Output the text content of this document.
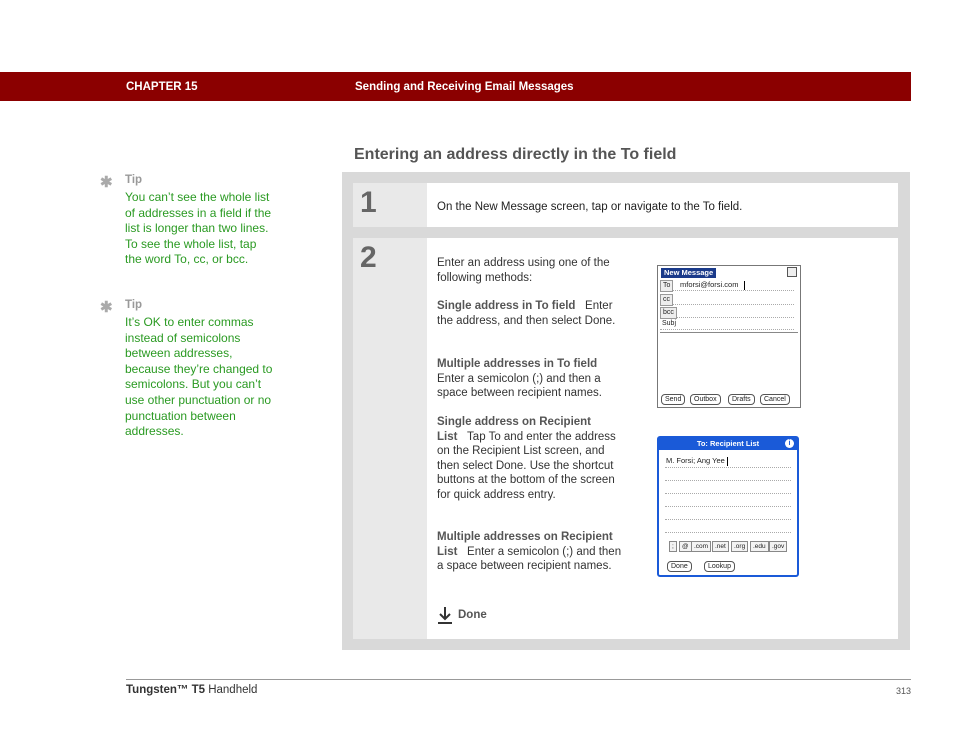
CHAPTER 15	Sending and Receiving Email Messages
Entering an address directly in the To field
✱ Tip
You can’t see the whole list of addresses in a field if the list is longer than two lines. To see the whole list, tap the word To, cc, or bcc.
✱ Tip
It’s OK to enter commas instead of semicolons between addresses, because they’re changed to semicolons. But you can’t use other punctuation or no punctuation between addresses.
1	On the New Message screen, tap or navigate to the To field.
2	Enter an address using one of the following methods:
Single address in To field Enter the address, and then select Done.
Multiple addresses in To field
Enter a semicolon (;) and then a space between recipient names.
Single address on Recipient List Tap To and enter the address on the Recipient List screen, and then select Done. Use the shortcut buttons at the bottom of the screen for quick address entry.
Multiple addresses on Recipient List Enter a semicolon (;) and then a space between recipient names.
Done
New Message
To	mforsi@forsi.com
cc
bcc
Subj
Send	Outbox	Drafts	Cancel
To: Recipient List	i
M. Forsi; Ang Yee
;	@ .com	.net	.org	.edu .gov
Done	Lookup
Tungsten™ T5 Handheld	313
